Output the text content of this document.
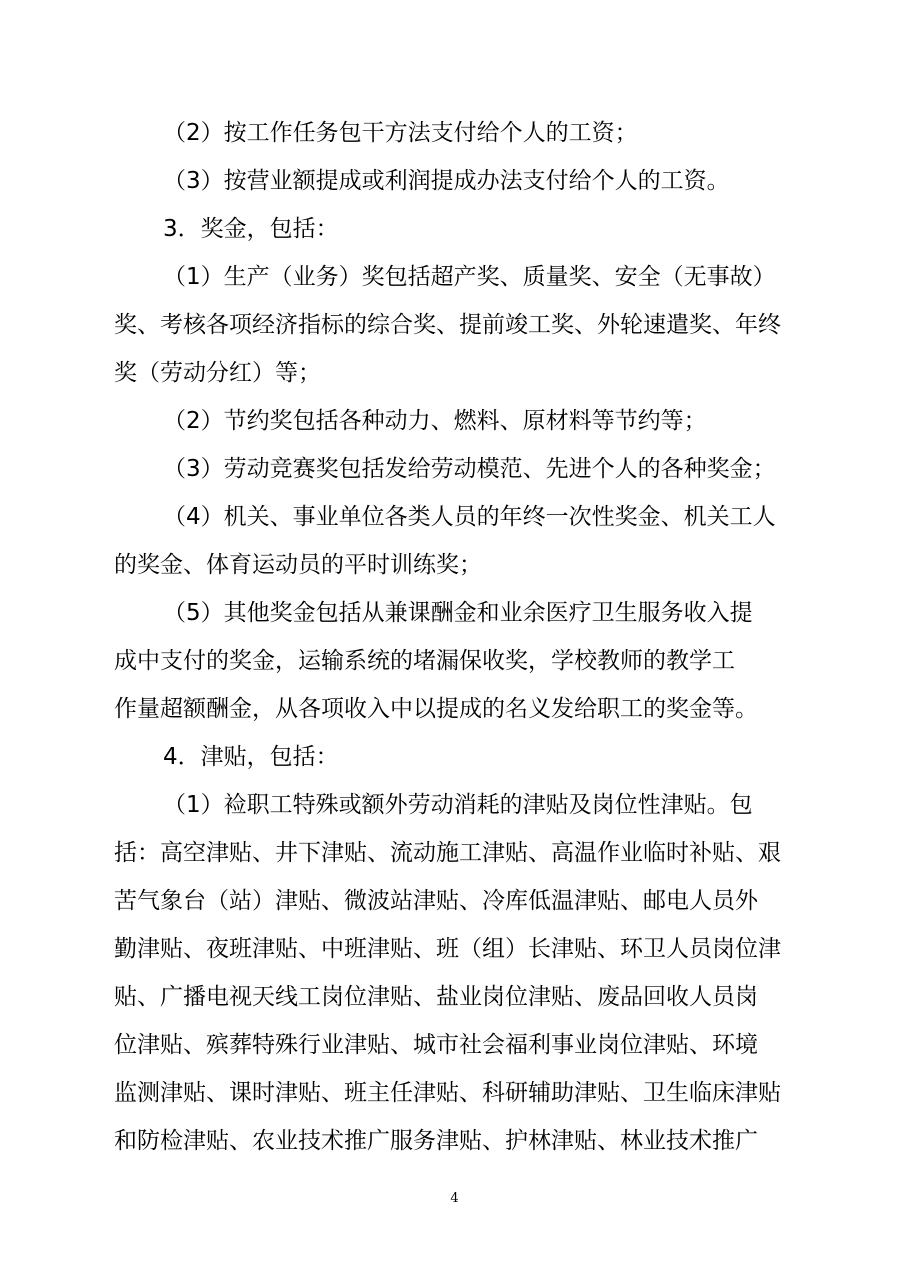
（2）按工作任务包干方法支付给个人的工资；
（3）按营业额提成或利润提成办法支付给个人的工资。
3．奖金，包括：
（1）生产（业务）奖包括超产奖、质量奖、安全（无事故）
奖、考核各项经济指标的综合奖、提前竣工奖、外轮速遣奖、年终
奖（劳动分红）等；
（2）节约奖包括各种动力、燃料、原材料等节约等；
（3）劳动竞赛奖包括发给劳动模范、先进个人的各种奖金；
（4）机关、事业单位各类人员的年终一次性奖金、机关工人
的奖金、体育运动员的平时训练奖；
（5）其他奖金包括从兼课酬金和业余医疗卫生服务收入提
成中支付的奖金，运输系统的堵漏保收奖，学校教师的教学工
作量超额酬金，从各项收入中以提成的名义发给职工的奖金等。
4．津贴，包括：
（1）裣职工特殊或额外劳动消耗的津贴及岗位性津贴。包
括：高空津贴、井下津贴、流动施工津贴、高温作业临时补贴、艰
苦气象台（站）津贴、微波站津贴、冷库低温津贴、邮电人员外
勤津贴、夜班津贴、中班津贴、班（组）长津贴、环卫人员岗位津
贴、广播电视天线工岗位津贴、盐业岗位津贴、废品回收人员岗
位津贴、殡葬特殊行业津贴、城市社会福利事业岗位津贴、环境
监测津贴、课时津贴、班主任津贴、科研辅助津贴、卫生临床津贴
和防检津贴、农业技术推广服务津贴、护林津贴、林业技术推广
4
